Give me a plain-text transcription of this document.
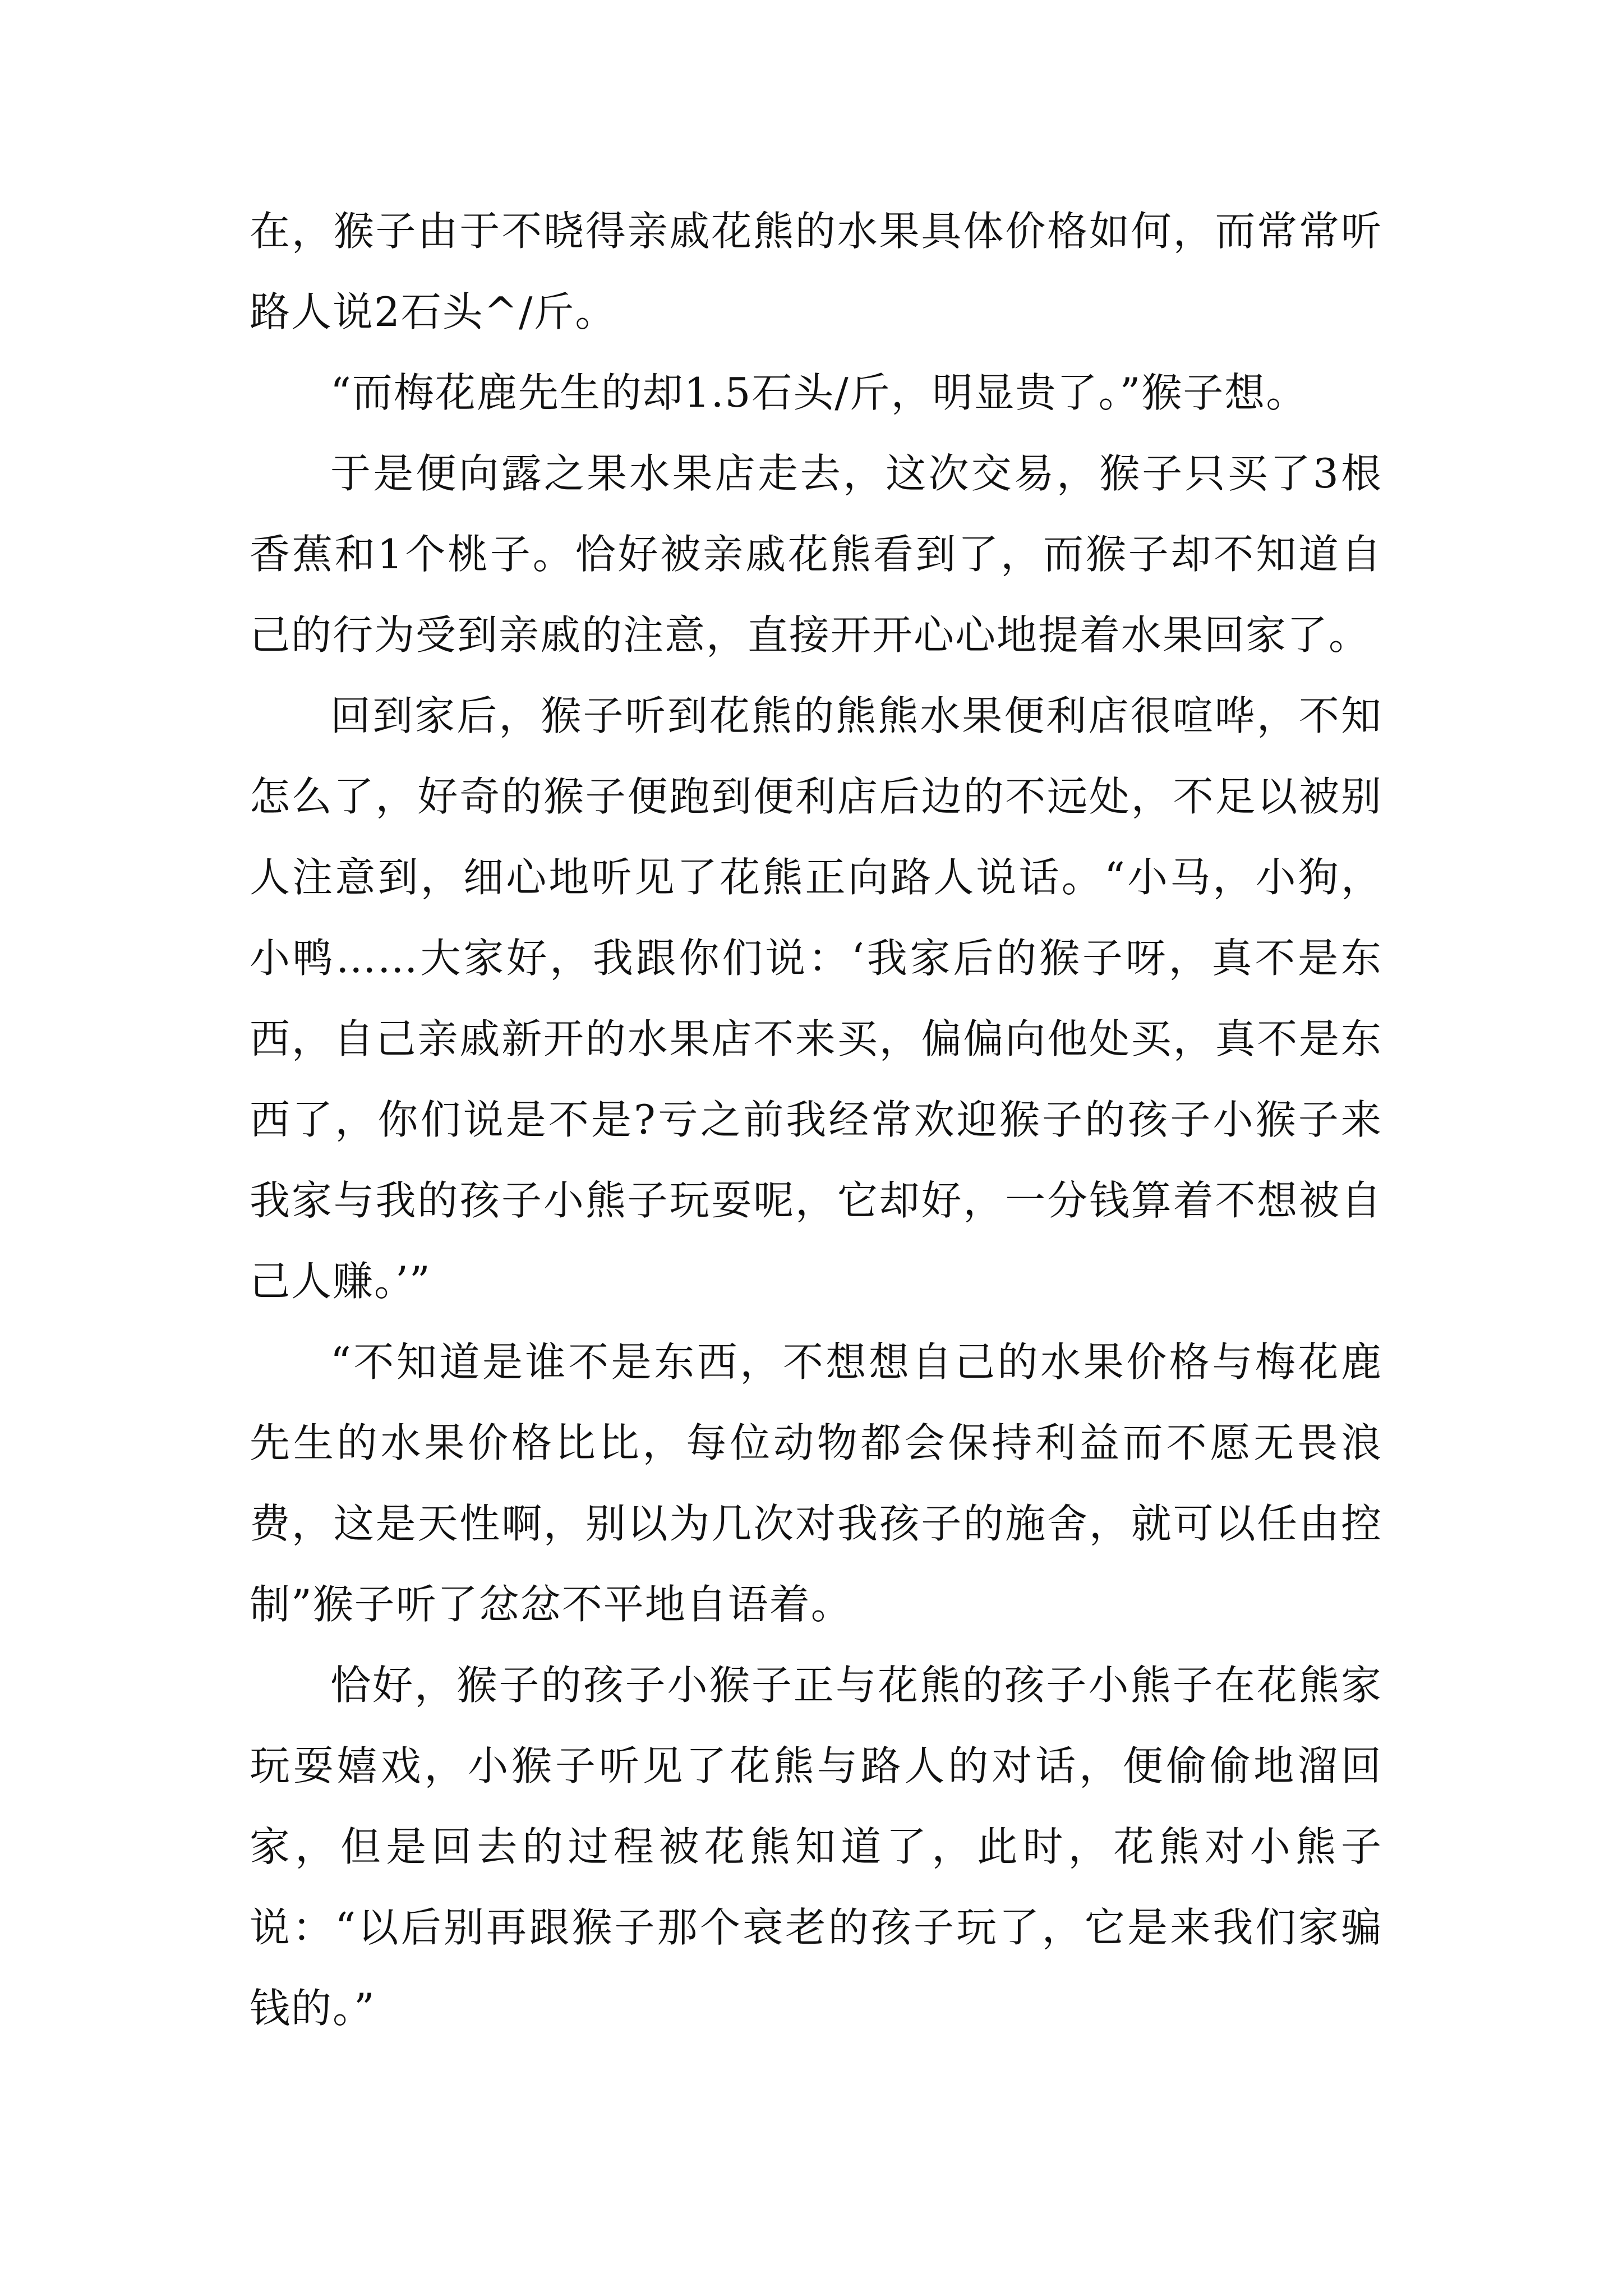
在，猴子由于不晓得亲戚花熊的水果具体价格如何，而常常听路人说2石头^/斤。

“而梅花鹿先生的却1.5石头/斤，明显贵了。”猴子想。

于是便向露之果水果店走去，这次交易，猴子只买了3根香蕉和1个桃子。恰好被亲戚花熊看到了，而猴子却不知道自己的行为受到亲戚的注意，直接开开心心地提着水果回家了。

回到家后，猴子听到花熊的熊熊水果便利店很喧哗，不知怎么了，好奇的猴子便跑到便利店后边的不远处，不足以被别人注意到，细心地听见了花熊正向路人说话。“小马，小狗，小鸭……大家好，我跟你们说：‘我家后的猴子呀，真不是东西，自己亲戚新开的水果店不来买，偏偏向他处买，真不是东西了，你们说是不是?亏之前我经常欢迎猴子的孩子小猴子来我家与我的孩子小熊子玩耍呢，它却好，一分钱算着不想被自己人赚。’”

“不知道是谁不是东西，不想想自己的水果价格与梅花鹿先生的水果价格比比，每位动物都会保持利益而不愿无畏浪费，这是天性啊，别以为几次对我孩子的施舍，就可以任由控制”猴子听了忿忿不平地自语着。

恰好，猴子的孩子小猴子正与花熊的孩子小熊子在花熊家玩耍嬉戏，小猴子听见了花熊与路人的对话，便偷偷地溜回家，但是回去的过程被花熊知道了，此时，花熊对小熊子说：“以后别再跟猴子那个衰老的孩子玩了，它是来我们家骗钱的。”
